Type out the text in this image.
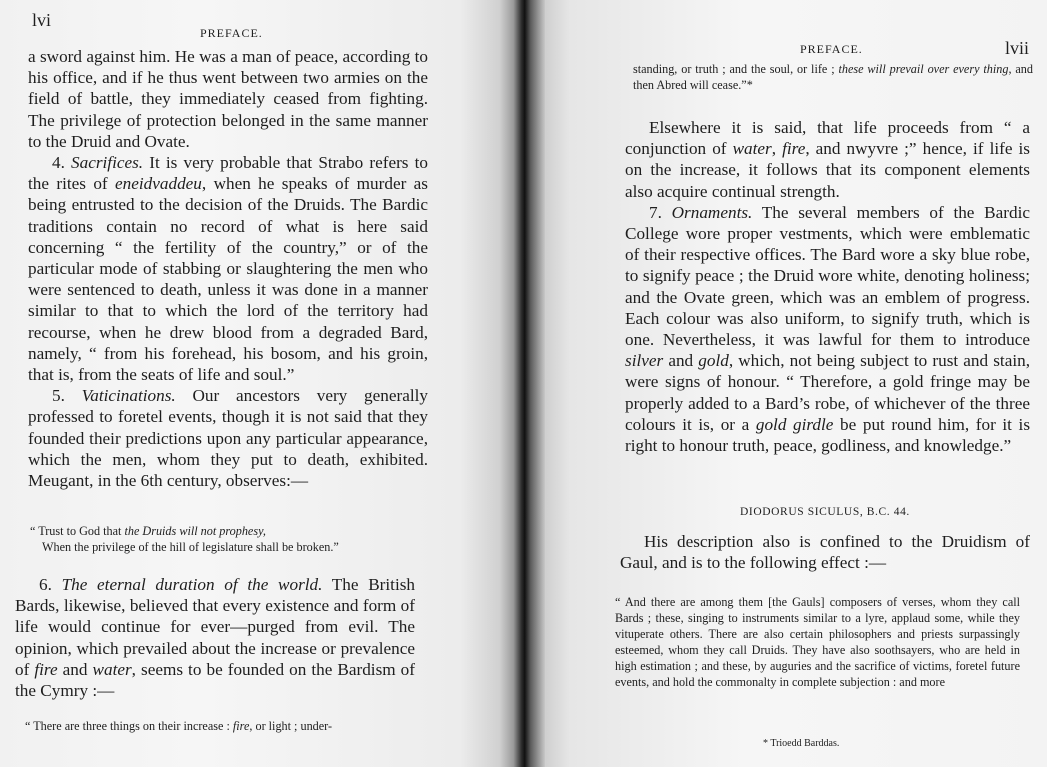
lvi
PREFACE.

a sword against him. He was a man of peace, according to his office, and if he thus went between two armies on the field of battle, they immediately ceased from fighting. The privilege of protection belonged in the same manner to the Druid and Ovate.

4. Sacrifices. It is very probable that Strabo refers to the rites of eneidvaddeu, when he speaks of murder as being entrusted to the decision of the Druids. The Bardic traditions contain no record of what is here said concerning “ the fertility of the country,” or of the particular mode of stabbing or slaughtering the men who were sentenced to death, unless it was done in a manner similar to that to which the lord of the territory had recourse, when he drew blood from a degraded Bard, namely, “ from his forehead, his bosom, and his groin, that is, from the seats of life and soul.”

5. Vaticinations. Our ancestors very generally professed to foretel events, though it is not said that they founded their predictions upon any particular appearance, which the men, whom they put to death, exhibited. Meugant, in the 6th century, observes:—

“ Trust to God that the Druids will not prophesy,
When the privilege of the hill of legislature shall be broken.”

6. The eternal duration of the world. The British Bards, likewise, believed that every existence and form of life would continue for ever—purged from evil. The opinion, which prevailed about the increase or prevalence of fire and water, seems to be founded on the Bardism of the Cymry :—

“ There are three things on their increase : fire, or light ; under-
PREFACE.	lvii
standing, or truth ; and the soul, or life ; these will prevail over every thing, and then Abred will cease.”*

Elsewhere it is said, that life proceeds from “ a conjunction of water, fire, and nwyvre ;” hence, if life is on the increase, it follows that its component elements also acquire continual strength.

7. Ornaments. The several members of the Bardic College wore proper vestments, which were emblematic of their respective offices. The Bard wore a sky blue robe, to signify peace ; the Druid wore white, denoting holiness; and the Ovate green, which was an emblem of progress. Each colour was also uniform, to signify truth, which is one. Nevertheless, it was lawful for them to introduce silver and gold, which, not being subject to rust and stain, were signs of honour. “ Therefore, a gold fringe may be properly added to a Bard’s robe, of whichever of the three colours it is, or a gold girdle be put round him, for it is right to honour truth, peace, godliness, and knowledge.”

DIODORUS SICULUS, B.C. 44.

His description also is confined to the Druidism of Gaul, and is to the following effect :—

“ And there are among them [the Gauls] composers of verses, whom they call Bards ; these, singing to instruments similar to a lyre, applaud some, while they vituperate others. There are also certain philosophers and priests surpassingly esteemed, whom they call Druids. They have also soothsayers, who are held in high estimation ; and these, by auguries and the sacrifice of victims, foretel future events, and hold the commonalty in complete subjection : and more
* Trioedd Barddas.
